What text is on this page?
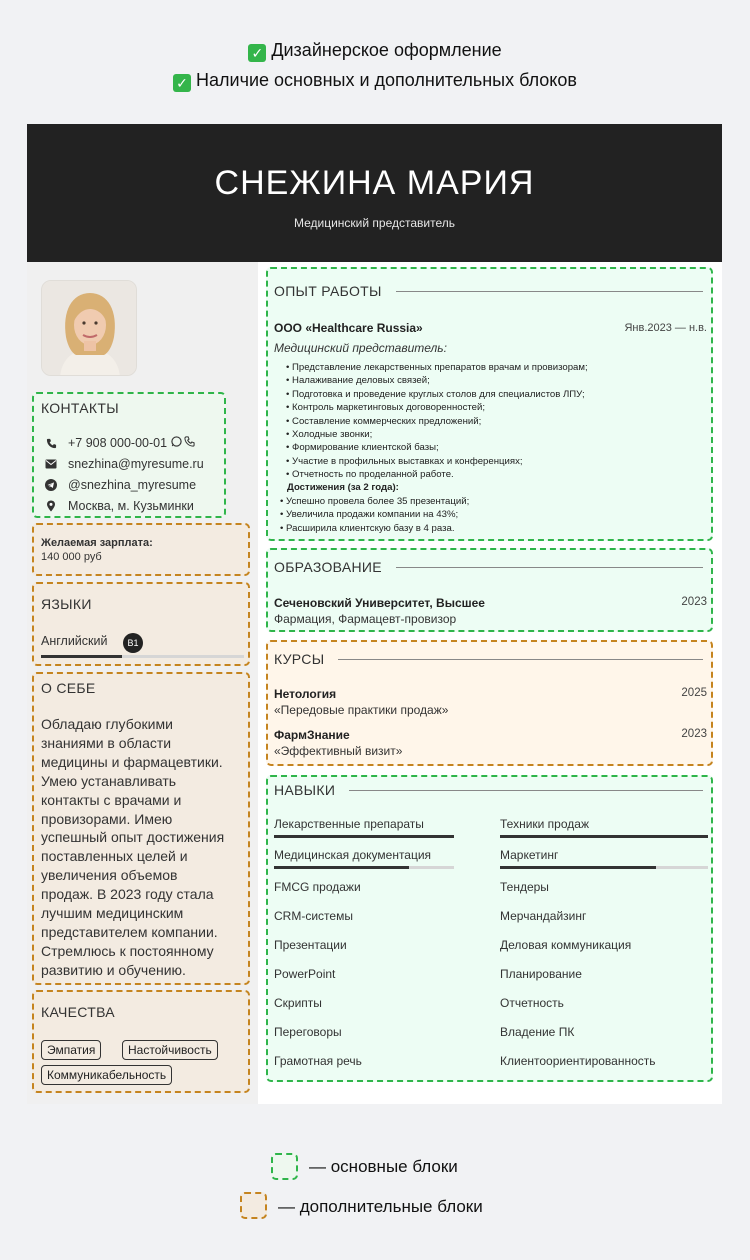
✓ Дизайнерское оформление
✓ Наличие основных и дополнительных блоков
СНЕЖИНА МАРИЯ
Медицинский представитель
КОНТАКТЫ
+7 908 000-00-01
snezhina@myresume.ru
@snezhina_myresume
Москва, м. Кузьминки
Желаемая зарплата:
140 000 руб
ЯЗЫКИ
Английский	B1
О СЕБЕ
Обладаю глубокими
знаниями в области
медицины и фармацевтики.
Умею устанавливать
контакты с врачами и
провизорами. Имею
успешный опыт достижения
поставленных целей и
увеличения объемов
продаж. В 2023 году стала
лучшим медицинским
представителем компании.
Стремлюсь к постоянному
развитию и обучению.
КАЧЕСТВА
Эмпатия	Настойчивость
Коммуникабельность
ОПЫТ РАБОТЫ
ООО «Healthcare Russia»	Янв.2023 — н.в.
Медицинский представитель:
• Представление лекарственных препаратов врачам и провизорам;
• Налаживание деловых связей;
• Подготовка и проведение круглых столов для специалистов ЛПУ;
• Контроль маркетинговых договоренностей;
• Составление коммерческих предложений;
• Холодные звонки;
• Формирование клиентской базы;
• Участие в профильных выставках и конференциях;
• Отчетность по проделанной работе.
Достижения (за 2 года):
• Успешно провела более 35 презентаций;
• Увеличила продажи компании на 43%;
• Расширила клиентскую базу в 4 раза.
ОБРАЗОВАНИЕ
Сеченовский Университет, Высшее	2023
Фармация, Фармацевт-провизор
КУРСЫ
Нетология	2025
«Передовые практики продаж»
ФармЗнание	2023
«Эффективный визит»
НАВЫКИ
Лекарственные препараты	Техники продаж
Медицинская документация	Маркетинг
FMCG продажи	Тендеры
CRM-системы	Мерчандайзинг
Презентации	Деловая коммуникация
PowerPoint	Планирование
Скрипты	Отчетность
Переговоры	Владение ПК
Грамотная речь	Клиентоориентированность
— основные блоки
— дополнительные блоки
